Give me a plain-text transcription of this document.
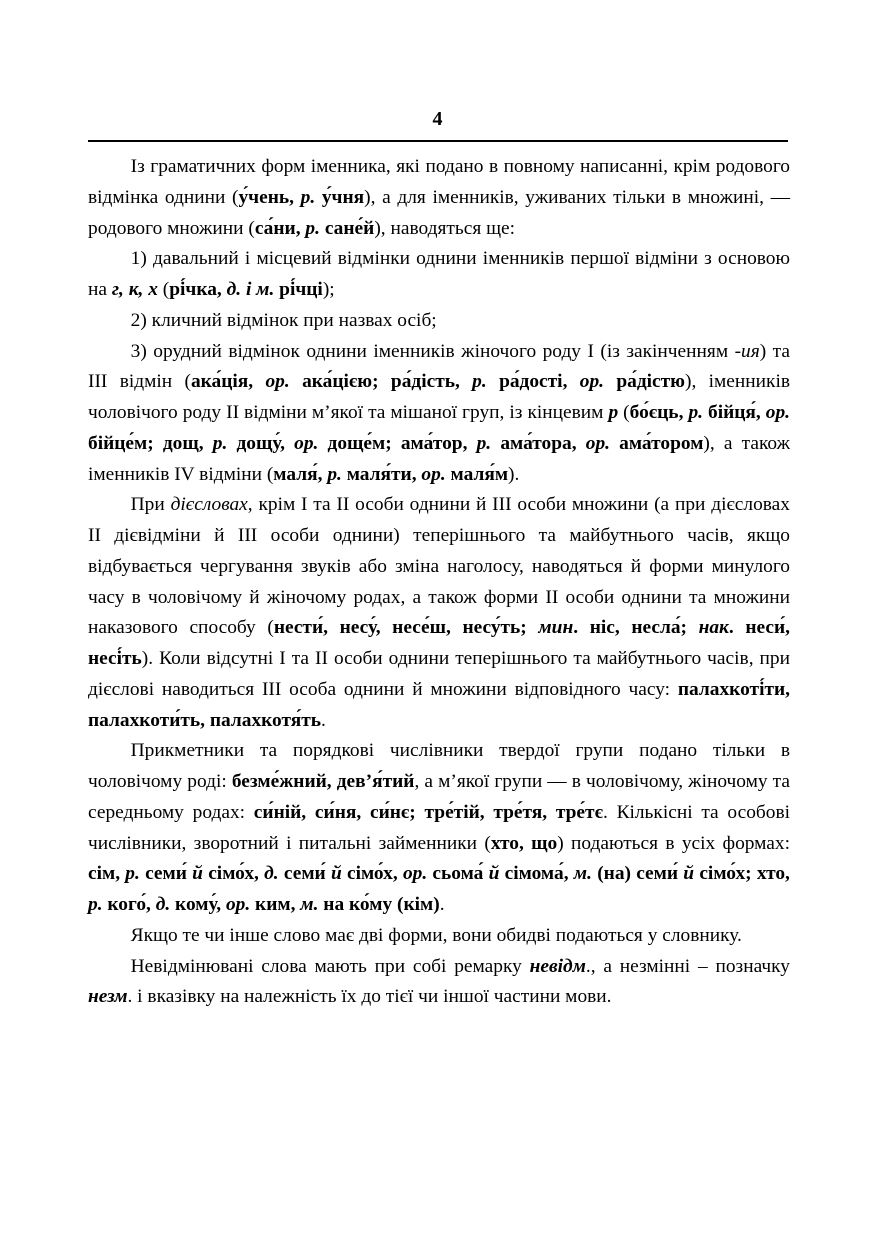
4

Із граматичних форм іменника, які подано в повному написанні, крім родового відмінка однини (у́чень, р. у́чня), а для іменників, уживаних тільки в множині, — родового множини (са́ни, р. сане́й), наводяться ще:

1) давальний і місцевий відмінки однини іменників першої відміни з основою на г, к, х (рі́чка, д. і м. рі́чці);

2) кличний відмінок при назвах осіб;

3) орудний відмінок однини іменників жіночого роду І (із закінченням -ия) та ІІІ відмін (ака́ція, ор. ака́цією; ра́дість, р. ра́дості, ор. ра́дістю), іменників чоловічого роду ІІ відміни м’якої та мішаної груп, із кінцевим р (бо́єць, р. бійця́, ор. бійце́м; дощ, р. дощу́, ор. доще́м; ама́тор, р. ама́тора, ор. ама́тором), а також іменників IV відміни (маля́, р. маля́ти, ор. маля́м).

При дієсловах, крім І та ІІ особи однини й ІІІ особи множини (а при дієсловах ІІ дієвідміни й ІІІ особи однини) теперішнього та майбутнього часів, якщо відбувається чергування звуків або зміна наголосу, наводяться й форми минулого часу в чоловічому й жіночому родах, а також форми ІІ особи однини та множини наказового способу (нести́, несу́, несе́ш, несу́ть; мин. ніс, несла́; нак. неси́, несі́ть). Коли відсутні І та ІІ особи однини теперішнього та майбутнього часів, при дієслові наводиться ІІІ особа однини й множини відповідного часу: палахкоті́ти, палахкоти́ть, палахкотя́ть.

Прикметники та порядкові числівники твердої групи подано тільки в чоловічому роді: безме́жний, дев’я́тий, а м’якої групи — в чоловічому, жіночому та середньому родах: си́ній, си́ня, си́нє; тре́тій, тре́тя, тре́тє. Кількісні та особові числівники, зворотний і питальні займенники (хто, що) подаються в усіх формах: сім, р. семи́ й сімо́х, д. семи́ й сімо́х, ор. сьома́ й сімома́, м. (на) семи́ й сімо́х; хто, р. кого́, д. кому́, ор. ким, м. на ко́му (кім).

Якщо те чи інше слово має дві форми, вони обидві подаються у словнику.

Невідмінювані слова мають при собі ремарку невідм., а незмінні – позначку незм. і вказівку на належність їх до тієї чи іншої частини мови.
